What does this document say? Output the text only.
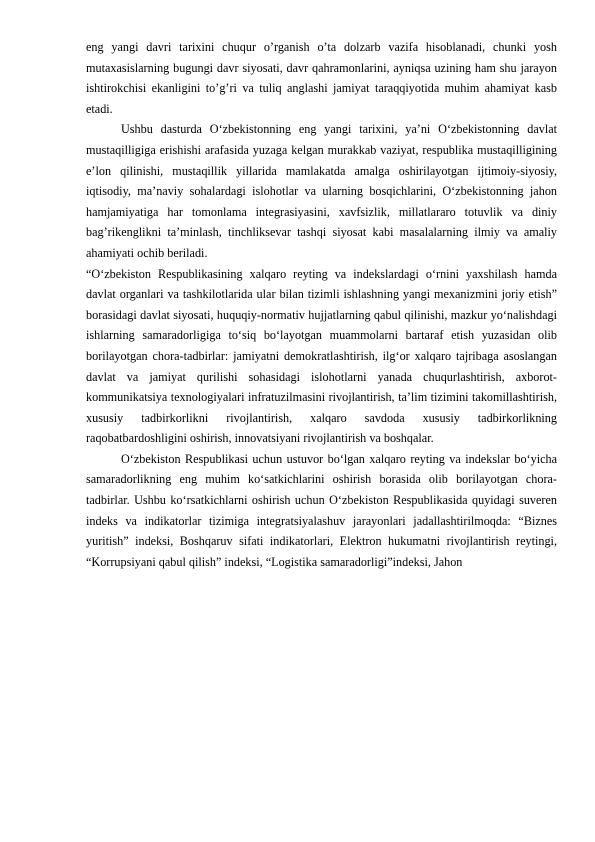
eng yangi davri tarixini chuqur o’rganish o’ta dolzarb vazifa hisoblanadi, chunki yosh mutaxasislarning bugungi davr siyosati, davr qahramonlarini, ayniqsa uzining ham shu jarayon ishtirokchisi ekanligini to’g’ri va tuliq anglashi jamiyat taraqqiyotida muhim ahamiyat kasb etadi.

Ushbu dasturda O‘zbekistonning eng yangi tarixini, ya’ni O‘zbekistonning davlat mustaqilligiga erishishi arafasida yuzaga kelgan murakkab vaziyat, respublika mustaqilligining e’lon qilinishi, mustaqillik yillarida mamlakatda amalga oshirilayotgan ijtimoiy-siyosiy, iqtisodiy, ma’naviy sohalardagi islohotlar va ularning bosqichlarini, O‘zbekistonning jahon hamjamiyatiga har tomonlama integrasiyasini, xavfsizlik, millatlararo totuvlik va diniy bag’rikenglikni ta’minlash, tinchliksevar tashqi siyosat kabi masalalarning ilmiy va amaliy ahamiyati ochib beriladi.

“O‘zbekiston Respublikasining xalqaro reyting va indekslardagi o‘rnini yaxshilash hamda davlat organlari va tashkilotlarida ular bilan tizimli ishlashning yangi mexanizmini joriy etish” borasidagi davlat siyosati, huquqiy-normativ hujjatlarning qabul qilinishi, mazkur yo‘nalishdagi ishlarning samaradorligiga to‘siq bo‘layotgan muammolarni bartaraf etish yuzasidan olib borilayotgan chora-tadbirlar: jamiyatni demokratlashtirish, ilg‘or xalqaro tajribaga asoslangan davlat va jamiyat qurilishi sohasidagi islohotlarni yanada chuqurlashtirish, axborot-kommunikatsiya texnologiyalari infratuzilmasini rivojlantirish, ta’lim tizimini takomillashtirish, xususiy tadbirkorlikni rivojlantirish, xalqaro savdoda xususiy tadbirkorlikning raqobatbardoshligini oshirish, innovatsiyani rivojlantirish va boshqalar.

O‘zbekiston Respublikasi uchun ustuvor bo‘lgan xalqaro reyting va indekslar bo‘yicha samaradorlikning eng muhim ko‘satkichlarini oshirish borasida olib borilayotgan chora-tadbirlar. Ushbu ko‘rsatkichlarni oshirish uchun O‘zbekiston Respublikasida quyidagi suveren indeks va indikatorlar tizimiga integratsiyalashuv jarayonlari jadallashtirilmoqda: “Biznes yuritish” indeksi, Boshqaruv sifati indikatorlari, Elektron hukumatni rivojlantirish reytingi, “Korrupsiyani qabul qilish” indeksi, “Logistika samaradorligi”indeksi, Jahon
